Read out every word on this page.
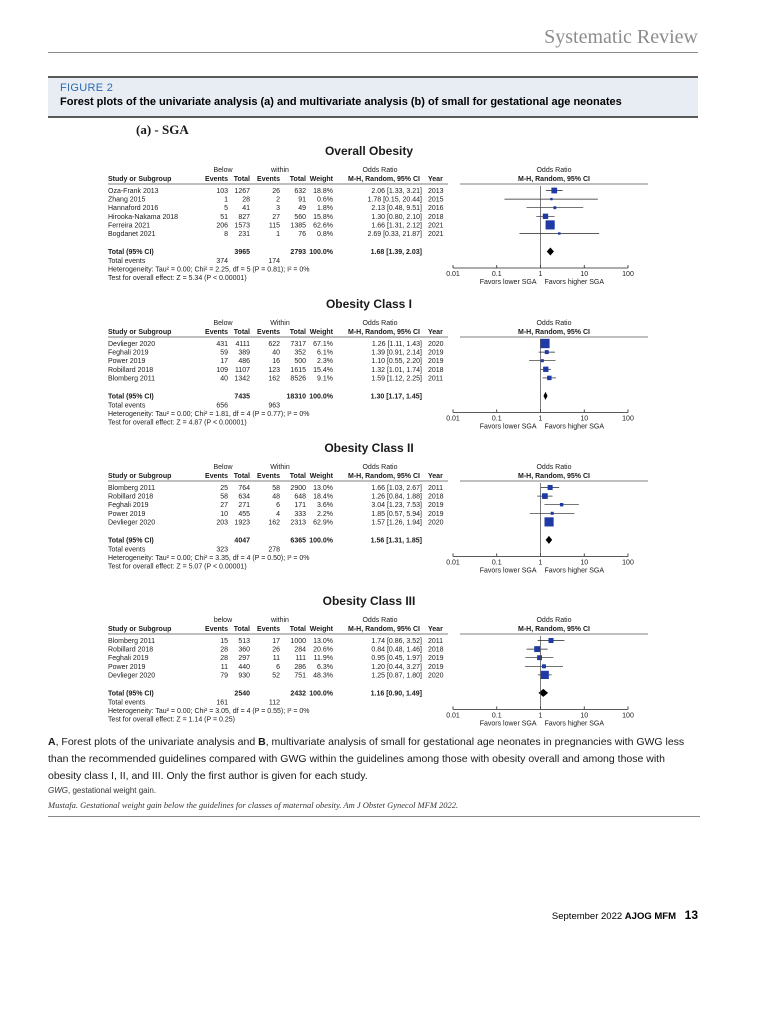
Systematic Review
FIGURE 2
Forest plots of the univariate analysis (a) and multivariate analysis (b) of small for gestational age neonates
(a) - SGA
Overall Obesity
Below	within	Odds Ratio	Odds Ratio
Study or Subgroup	Events Total Events Total Weight M-H, Random, 95% CI Year	M-H, Random, 95% CI
Oza-Frank 2013	103 1267	26 632 18.8%	2.06 [1.33, 3.21] 2013
Zhang 2015	1 28	2	91 0.6%	1.78 [0.15, 20.44] 2015
Hannaford 2016	5 41	3	49 1.8%	2.13 [0.48, 9.51] 2016
Hirooka-Nakama 2018	51 827	27 560 15.8%	1.30 [0.80, 2.10] 2018
Ferreira 2021	206 1573	115 1385 62.6%	1.66 [1.31, 2.12] 2021
Bogdanet 2021	8 231	1	76 0.8%	2.69 [0.33, 21.87] 2021
Total (95% CI)	3965	2793 100.0%	1.68 [1.39, 2.03]
Total events	374	174
Heterogeneity: Tau² = 0.00; Chi² = 2.25, df = 5 (P = 0.81); I² = 0%
Test for overall effect: Z = 5.34 (P < 0.00001)
0.01	0.1	1	10	100
Favors lower SGA Favors higher SGA
Obesity Class I
Below	Within	Odds Ratio	Odds Ratio
Study or Subgroup	Events Total Events Total Weight M-H, Random, 95% CI Year	M-H, Random, 95% CI
Devlieger 2020	431 4111	622 7317 67.1%	1.26 [1.11, 1.43] 2020
Feghali 2019	59 389	40 352 6.1%	1.39 [0.91, 2.14] 2019
Power 2019	17 486	16 500 2.3%	1.10 [0.55, 2.20] 2019
Robillard 2018	109 1107	123 1615 15.4%	1.32 [1.01, 1.74] 2018
Blomberg 2011	40 1342	162 8526 9.1%	1.59 [1.12, 2.25] 2011
Total (95% CI)	7435	18310 100.0%	1.30 [1.17, 1.45]
Total events	656	963
Heterogeneity: Tau² = 0.00; Chi² = 1.81, df = 4 (P = 0.77); I² = 0%
Test for overall effect: Z = 4.87 (P < 0.00001)
0.01	0.1	1	10	100
Favors lower SGA Favors higher SGA
Obesity Class II
Below	Within	Odds Ratio	Odds Ratio
Study or Subgroup	Events Total Events Total Weight M-H, Random, 95% CI Year	M-H, Random, 95% CI
Blomberg 2011	25 764	58 2900 13.0%	1.66 [1.03, 2.67] 2011
Robillard 2018	58 634	48 648 18.4%	1.26 [0.84, 1.88] 2018
Feghali 2019	27 271	6 171 3.6%	3.04 [1.23, 7.53] 2019
Power 2019	10 455	4 333 2.2%	1.85 [0.57, 5.94] 2019
Devlieger 2020	203 1923	162 2313 62.9%	1.57 [1.26, 1.94] 2020
Total (95% CI)	4047	6365 100.0%	1.56 [1.31, 1.85]
Total events	323	278
Heterogeneity: Tau² = 0.00; Chi² = 3.35, df = 4 (P = 0.50); I² = 0%
Test for overall effect: Z = 5.07 (P < 0.00001)
0.01	0.1	1	10	100
Favors lower SGA Favors higher SGA
Obesity Class III
below	within	Odds Ratio	Odds Ratio
Study or Subgroup	Events Total Events Total Weight M-H, Random, 95% CI Year	M-H, Random, 95% CI
Blomberg 2011	15 513	17 1000 13.0%	1.74 [0.86, 3.52] 2011
Robillard 2018	28 360	26 284 20.6%	0.84 [0.48, 1.46] 2018
Feghali 2019	28 297	11 111 11.9%	0.95 [0.45, 1.97] 2019
Power 2019	11 440	6 286 6.3%	1.20 [0.44, 3.27] 2019
Devlieger 2020	79 930	52 751 48.3%	1.25 [0.87, 1.80] 2020
Total (95% CI)	2540	2432 100.0%	1.16 [0.90, 1.49]
Total events	161	112
Heterogeneity: Tau² = 0.00; Chi² = 3.05, df = 4 (P = 0.55); I² = 0%
Test for overall effect: Z = 1.14 (P = 0.25)
0.01	0.1	1	10	100
Favors lower SGA Favors higher SGA
A, Forest plots of the univariate analysis and B, multivariate analysis of small for gestational age neonates in pregnancies with GWG less than the recommended guidelines compared with GWG within the guidelines among those with obesity overall and among those with obesity class I, II, and III. Only the first author is given for each study.
GWG, gestational weight gain.
Mustafa. Gestational weight gain below the guidelines for classes of maternal obesity. Am J Obstet Gynecol MFM 2022.
September 2022 AJOG MFM 13
